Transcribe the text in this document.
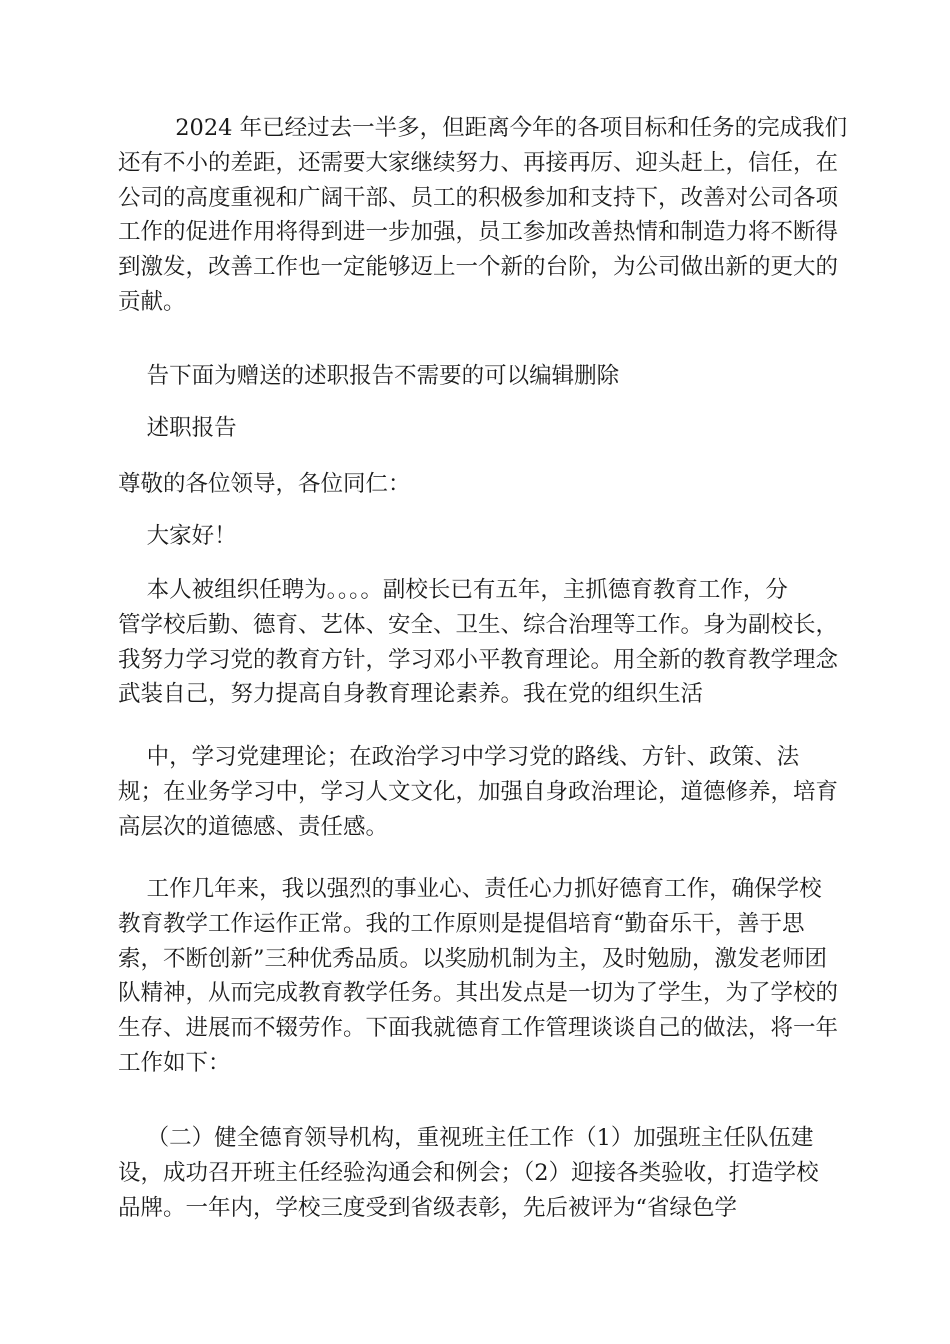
2024 年已经过去一半多，但距离今年的各项目标和任务的完成我们
还有不小的差距，还需要大家继续努力、再接再厉、迎头赶上，信任，在
公司的高度重视和广阔干部、员工的积极参加和支持下，改善对公司各项
工作的促进作用将得到进一步加强，员工参加改善热情和制造力将不断得
到激发，改善工作也一定能够迈上一个新的台阶，为公司做出新的更大的
贡献。
告下面为赠送的述职报告不需要的可以编辑删除
述职报告
尊敬的各位领导，各位同仁：
大家好！
本人被组织任聘为。。。。副校长已有五年，主抓德育教育工作，分
管学校后勤、德育、艺体、安全、卫生、综合治理等工作。身为副校长，
我努力学习党的教育方针，学习邓小平教育理论。用全新的教育教学理念
武装自己，努力提高自身教育理论素养。我在党的组织生活
中，学习党建理论；在政治学习中学习党的路线、方针、政策、法
规；在业务学习中，学习人文文化，加强自身政治理论，道德修养，培育
高层次的道德感、责任感。
工作几年来，我以强烈的事业心、责任心力抓好德育工作，确保学校
教育教学工作运作正常。我的工作原则是提倡培育“勤奋乐干，善于思
索，不断创新”三种优秀品质。以奖励机制为主，及时勉励，激发老师团
队精神，从而完成教育教学任务。其出发点是一切为了学生，为了学校的
生存、进展而不辍劳作。下面我就德育工作管理谈谈自己的做法，将一年
工作如下：
（二）健全德育领导机构，重视班主任工作（1）加强班主任队伍建
设，成功召开班主任经验沟通会和例会；（2）迎接各类验收，打造学校
品牌。一年内，学校三度受到省级表彰，先后被评为“省绿色学
